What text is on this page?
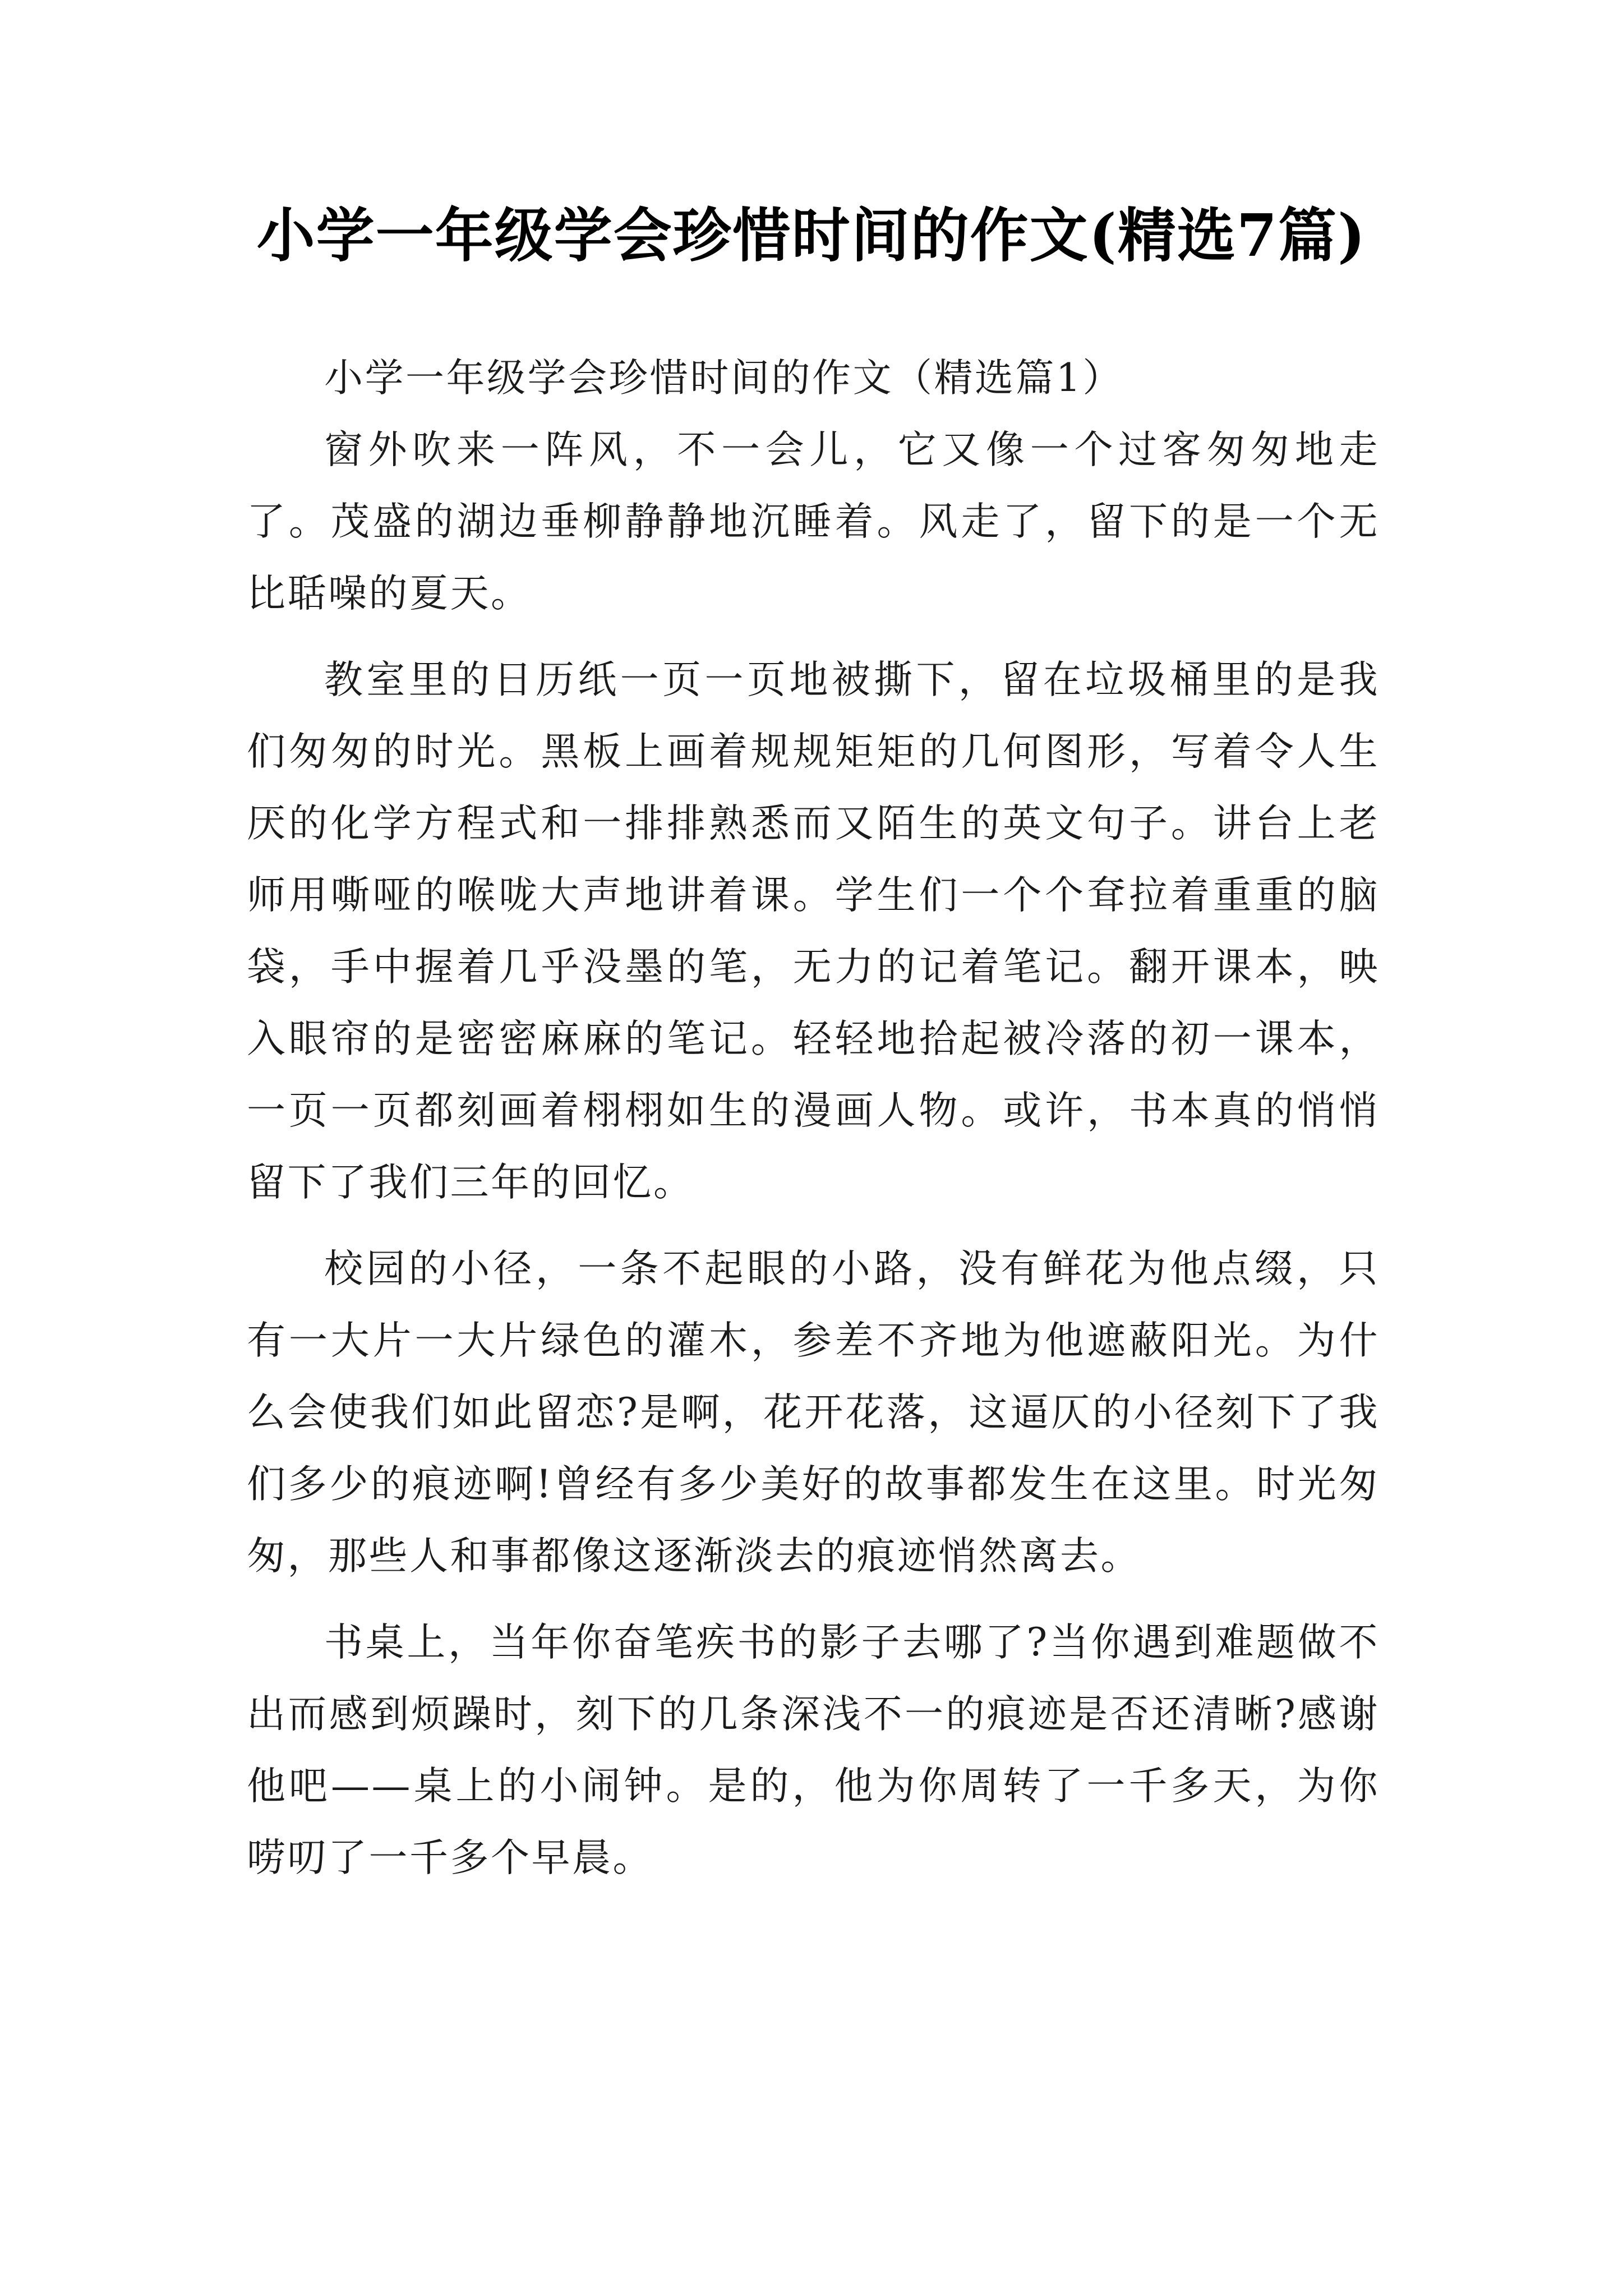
小学一年级学会珍惜时间的作文(精选7篇)

小学一年级学会珍惜时间的作文（精选篇1）

窗外吹来一阵风，不一会儿，它又像一个过客匆匆地走了。茂盛的湖边垂柳静静地沉睡着。风走了，留下的是一个无比聒噪的夏天。

教室里的日历纸一页一页地被撕下，留在垃圾桶里的是我们匆匆的时光。黑板上画着规规矩矩的几何图形，写着令人生厌的化学方程式和一排排熟悉而又陌生的英文句子。讲台上老师用嘶哑的喉咙大声地讲着课。学生们一个个耷拉着重重的脑袋，手中握着几乎没墨的笔，无力的记着笔记。翻开课本，映入眼帘的是密密麻麻的笔记。轻轻地拾起被冷落的初一课本，一页一页都刻画着栩栩如生的漫画人物。或许，书本真的悄悄留下了我们三年的回忆。

校园的小径，一条不起眼的小路，没有鲜花为他点缀，只有一大片一大片绿色的灌木，参差不齐地为他遮蔽阳光。为什么会使我们如此留恋?是啊，花开花落，这逼仄的小径刻下了我们多少的痕迹啊!曾经有多少美好的故事都发生在这里。时光匆匆，那些人和事都像这逐渐淡去的痕迹悄然离去。

书桌上，当年你奋笔疾书的影子去哪了?当你遇到难题做不出而感到烦躁时，刻下的几条深浅不一的痕迹是否还清晰?感谢他吧——桌上的小闹钟。是的，他为你周转了一千多天，为你唠叨了一千多个早晨。
